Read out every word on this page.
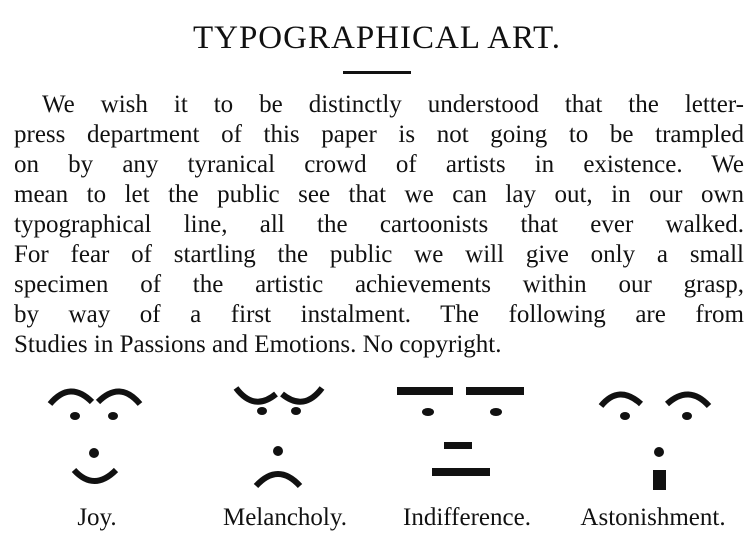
TYPOGRAPHICAL ART.
We wish it to be distinctly understood that the letter-
press department of this paper is not going to be trampled
on by any tyranical crowd of artists in existence. We
mean to let the public see that we can lay out, in our own
typographical line, all the cartoonists that ever walked.
For fear of startling the public we will give only a small
specimen of the artistic achievements within our grasp,
by way of a first instalment. The following are from
Studies in Passions and Emotions. No copyright.
Joy.	Melancholy.	Indifference.	Astonishment.
